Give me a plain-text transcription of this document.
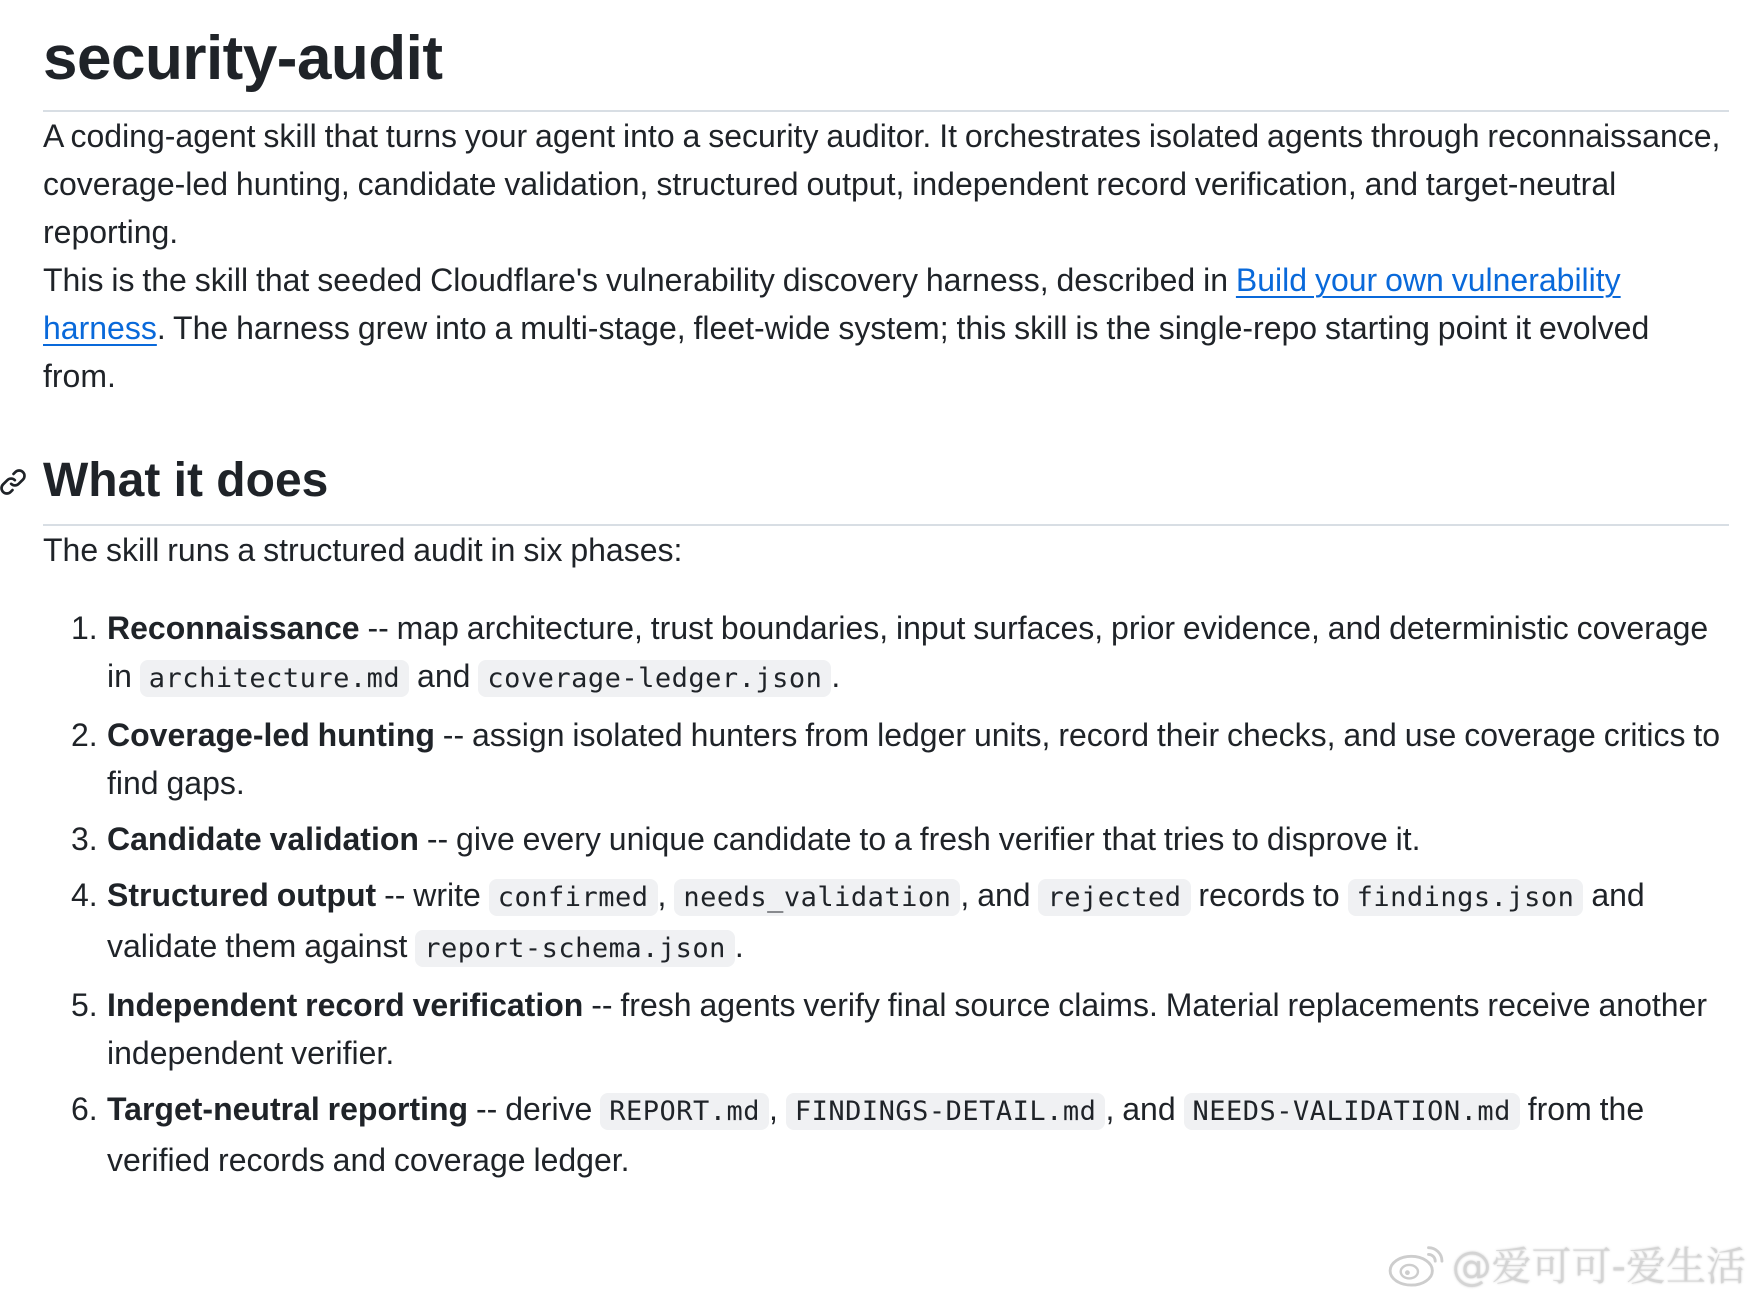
security-audit

A coding-agent skill that turns your agent into a security auditor. It orchestrates isolated agents through reconnaissance, coverage-led hunting, candidate validation, structured output, independent record verification, and target-neutral reporting.

This is the skill that seeded Cloudflare's vulnerability discovery harness, described in Build your own vulnerability harness. The harness grew into a multi-stage, fleet-wide system; this skill is the single-repo starting point it evolved from.

What it does

The skill runs a structured audit in six phases:

1. Reconnaissance -- map architecture, trust boundaries, input surfaces, prior evidence, and deterministic coverage in architecture.md and coverage-ledger.json .
2. Coverage-led hunting -- assign isolated hunters from ledger units, record their checks, and use coverage critics to find gaps.
3. Candidate validation -- give every unique candidate to a fresh verifier that tries to disprove it.
4. Structured output -- write confirmed , needs_validation , and rejected records to findings.json and validate them against report-schema.json .
5. Independent record verification -- fresh agents verify final source claims. Material replacements receive another independent verifier.
6. Target-neutral reporting -- derive REPORT.md , FINDINGS-DETAIL.md , and NEEDS-VALIDATION.md from the verified records and coverage ledger.
@爱可可-爱生活
